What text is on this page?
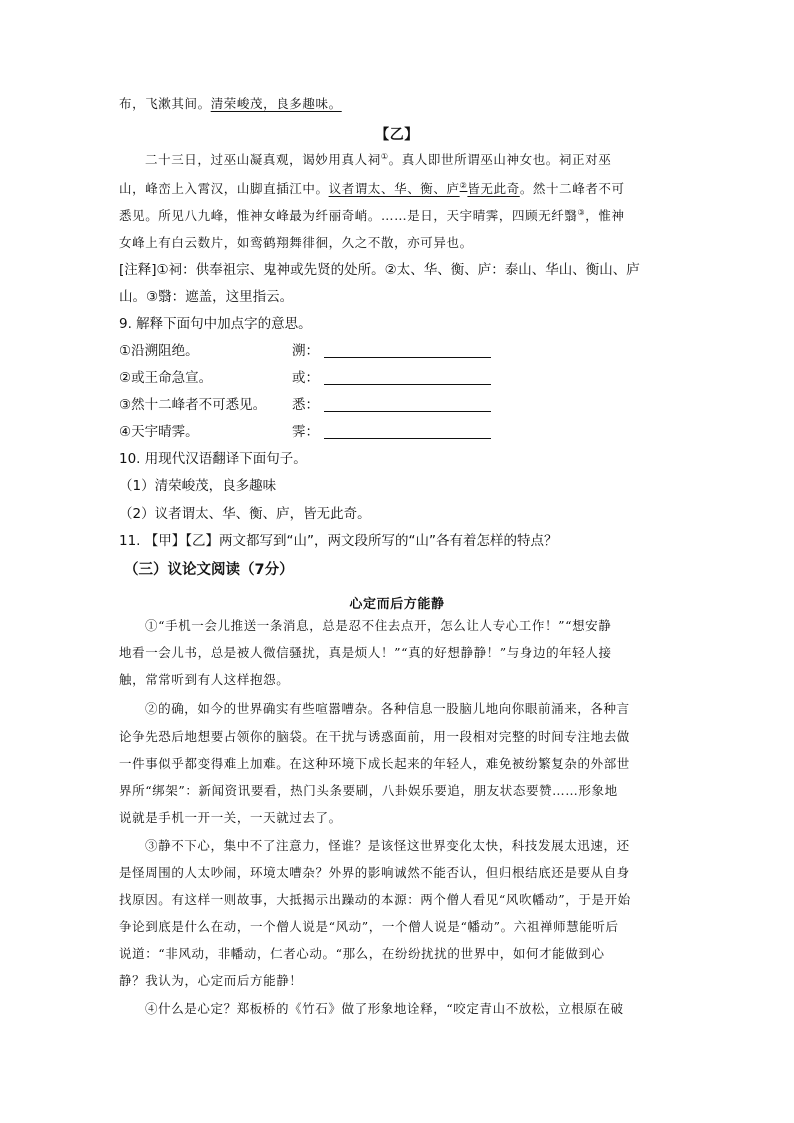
布，飞漱其间。清荣峻茂，良多趣味。
【乙】
二十三日，过巫山凝真观，谒妙用真人祠①。真人即世所谓巫山神女也。祠正对巫
山，峰峦上入霄汉，山脚直插江中。议者谓太、华、衡、庐②皆无此奇。然十二峰者不可
悉见。所见八九峰，惟神女峰最为纤丽奇峭。……是日，天宇晴霁，四顾无纤翳③，惟神
女峰上有白云数片，如鸾鹤翔舞徘徊，久之不散，亦可异也。
[注释]①祠：供奉祖宗、鬼神或先贤的处所。②太、华、衡、庐：泰山、华山、衡山、庐
山。③翳：遮盖，这里指云。
9. 解释下面句中加点字的意思。
①沿溯阻绝。	溯：
②或王命急宣。	或：
③然十二峰者不可悉见。 悉：
④天宇晴霁。	霁：
10. 用现代汉语翻译下面句子。
（1）清荣峻茂，良多趣味
（2）议者谓太、华、衡、庐，皆无此奇。
11. 【甲】【乙】两文都写到“山”，两文段所写的“山”各有着怎样的特点？
（三）议论文阅读（7分）
心定而后方能静
①“手机一会儿推送一条消息，总是忍不住去点开，怎么让人专心工作！”“想安静
地看一会儿书，总是被人微信骚扰，真是烦人！”“真的好想静静！”与身边的年轻人接
触，常常听到有人这样抱怨。
②的确，如今的世界确实有些喧嚣嘈杂。各种信息一股脑儿地向你眼前涌来，各种言
论争先恐后地想要占领你的脑袋。在干扰与诱惑面前，用一段相对完整的时间专注地去做
一件事似乎都变得难上加难。在这种环境下成长起来的年轻人，难免被纷繁复杂的外部世
界所“绑架”：新闻资讯要看，热门头条要刷，八卦娱乐要追，朋友状态要赞……形象地
说就是手机一开一关，一天就过去了。
③静不下心，集中不了注意力，怪谁？是该怪这世界变化太快，科技发展太迅速，还
是怪周围的人太吵闹，环境太嘈杂？外界的影响诚然不能否认，但归根结底还是要从自身
找原因。有这样一则故事，大抵揭示出躁动的本源：两个僧人看见“风吹幡动”，于是开始
争论到底是什么在动，一个僧人说是“风动”，一个僧人说是“幡动”。六祖禅师慧能听后
说道：“非风动，非幡动，仁者心动。“那么，在纷纷扰扰的世界中，如何才能做到心
静？我认为，心定而后方能静！
④什么是心定？郑板桥的《竹石》做了形象地诠释，“咬定青山不放松，立根原在破
